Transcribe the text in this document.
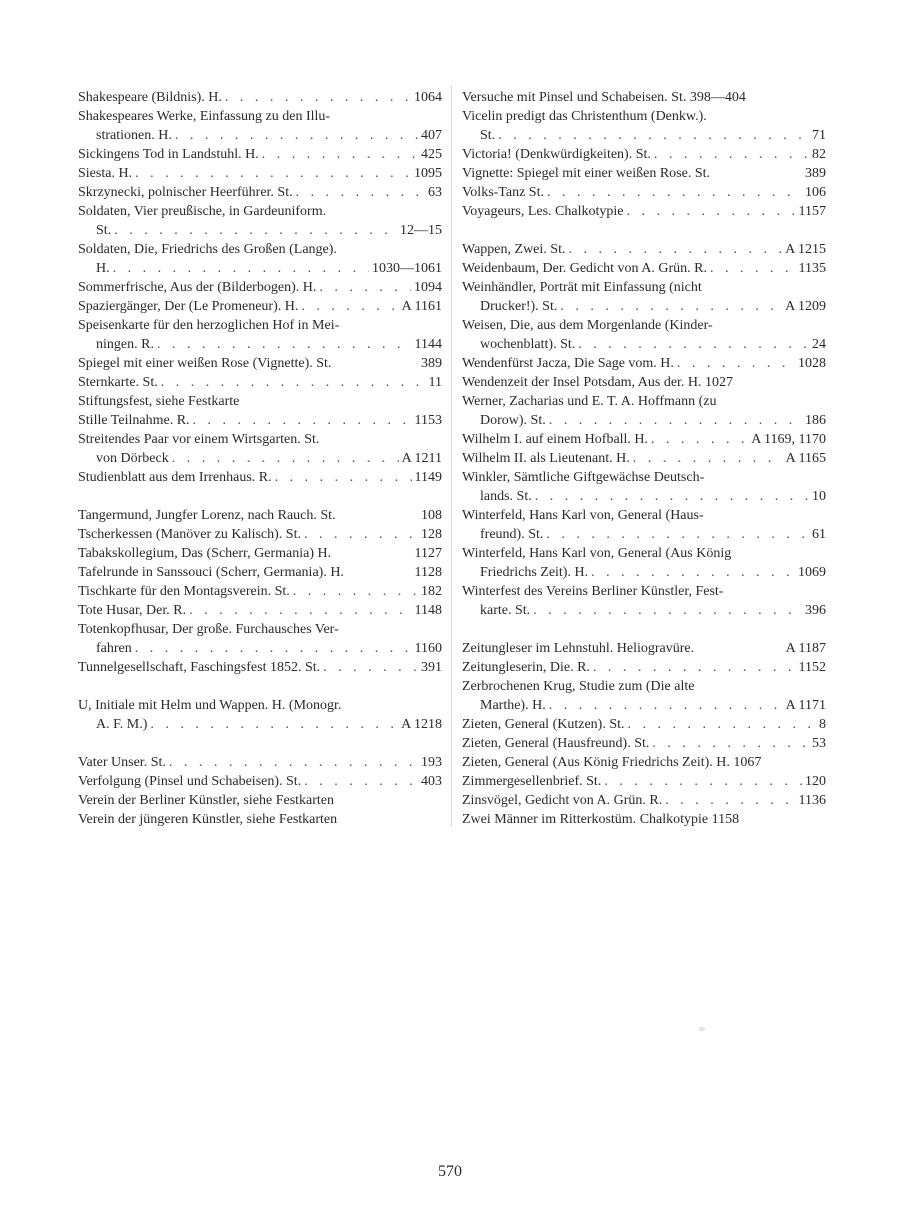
Shakespeare (Bildnis). H. . . .	1064
Shakespeares Werke, Einfassung zu den Illu-
strationen. H. . . .	407
Sickingens Tod in Landstuhl. H. . . .	425
Siesta. H. . . .	1095
Skrzynecki, polnischer Heerführer. St. . . .	63
Soldaten, Vier preußische, in Gardeuniform.
St. . . .	12—15
Soldaten, Die, Friedrichs des Großen (Lange).
H. . . .	1030—1061
Sommerfrische, Aus der (Bilderbogen). H. . . .	1094
Spaziergänger, Der (Le Promeneur). H. . . .	A 1161
Speisenkarte für den herzoglichen Hof in Mei-
ningen. R. . . .	1144
Spiegel mit einer weißen Rose (Vignette). St.	389
Sternkarte. St. . . .	11
Stiftungsfest, siehe Festkarte
Stille Teilnahme. R. . . .	1153
Streitendes Paar vor einem Wirtsgarten. St.
von Dörbeck . . .	A 1211
Studienblatt aus dem Irrenhaus. R. . . .	1149
Tangermund, Jungfer Lorenz, nach Rauch. St.	108
Tscherkessen (Manöver zu Kalisch). St. . . .	128
Tabakskollegium, Das (Scherr, Germania) H.	1127
Tafelrunde in Sanssouci (Scherr, Germania). H.	1128
Tischkarte für den Montagsverein. St. . . .	182
Tote Husar, Der. R. . . .	1148
Totenkopfhusar, Der große. Furchausches Ver-
fahren . . .	1160
Tunnelgesellschaft, Faschingsfest 1852. St. . . .	391
U, Initiale mit Helm und Wappen. H. (Monogr.
A. F. M.) . . .	A 1218
Vater Unser. St. . . .	193
Verfolgung (Pinsel und Schabeisen). St. . . .	403
Verein der Berliner Künstler, siehe Festkarten
Verein der jüngeren Künstler, siehe Festkarten
Versuche mit Pinsel und Schabeisen. St. 398—404
Vicelin predigt das Christenthum (Denkw.).
St. . . .	71
Victoria! (Denkwürdigkeiten). St. . . .	82
Vignette: Spiegel mit einer weißen Rose. St.	389
Volks-Tanz St. . . .	106
Voyageurs, Les. Chalkotypie . . .	1157
Wappen, Zwei. St. . . .	A 1215
Weidenbaum, Der. Gedicht von A. Grün. R. . . .	1135
Weinhändler, Porträt mit Einfassung (nicht
Drucker!). St. . . .	A 1209
Weisen, Die, aus dem Morgenlande (Kinder-
wochenblatt). St. . . .	24
Wendenfürst Jacza, Die Sage vom. H. . . .	1028
Wendenzeit der Insel Potsdam, Aus der. H. 1027
Werner, Zacharias und E. T. A. Hoffmann (zu
Dorow). St. . . .	186
Wilhelm I. auf einem Hofball. H. . . .	A 1169, 1170
Wilhelm II. als Lieutenant. H. . . .	A 1165
Winkler, Sämtliche Giftgewächse Deutsch-
lands. St. . . .	10
Winterfeld, Hans Karl von, General (Haus-
freund). St. . . .	61
Winterfeld, Hans Karl von, General (Aus König
Friedrichs Zeit). H. . . .	1069
Winterfest des Vereins Berliner Künstler, Fest-
karte. St. . . .	396
Zeitungleser im Lehnstuhl. Heliogravüre.	A 1187
Zeitungleserin, Die. R. . . .	1152
Zerbrochenen Krug, Studie zum (Die alte
Marthe). H. . . .	A 1171
Zieten, General (Kutzen). St. . . .	8
Zieten, General (Hausfreund). St. . . .	53
Zieten, General (Aus König Friedrichs Zeit). H. 1067
Zimmergesellenbrief. St. . . .	120
Zinsvögel, Gedicht von A. Grün. R. . . .	1136
Zwei Männer im Ritterkostüm. Chalkotypie 1158
570
